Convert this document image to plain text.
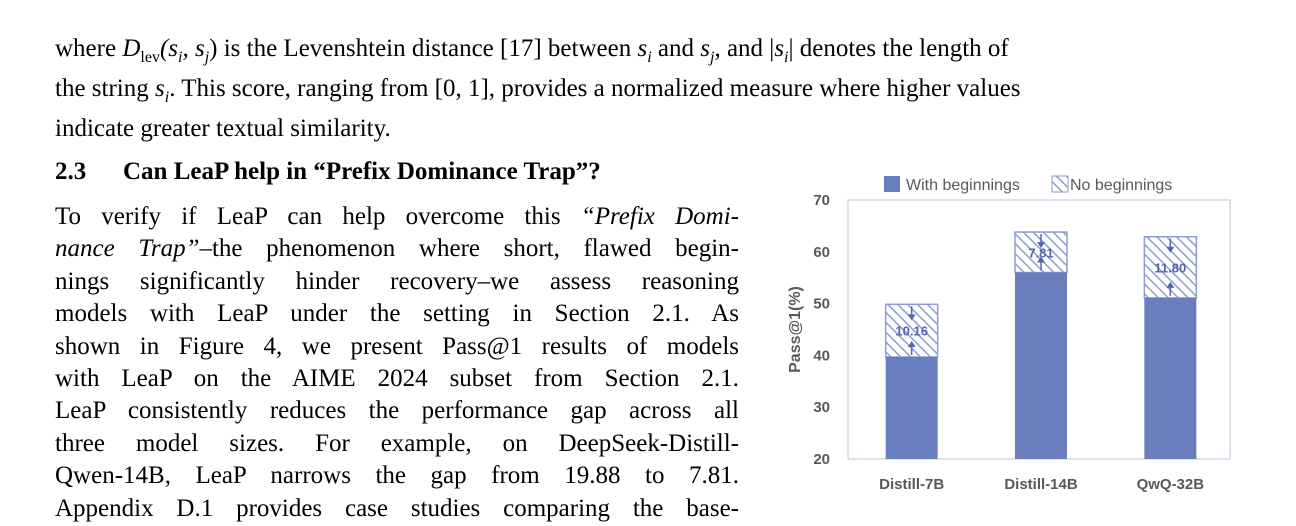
where $D_{lev}(s_i$, $s_j$) is the Levenshtein distance [17] between $s_i$ and $s_j$, and $|s_i|$ denotes the length of
the string $s_i$. This score, ranging from [0, 1], provides a normalized measure where higher values
indicate greater textual similarity.
2.3 Can LeaP help in “Prefix Dominance Trap”?
To verify if LeaP can help overcome this “Prefix Domi-
nance Trap”–the phenomenon where short, flawed begin-
nings significantly hinder recovery–we assess reasoning
models with LeaP under the setting in Section 2.1. As
shown in Figure 4, we present Pass@1 results of models
with LeaP on the AIME 2024 subset from Section 2.1.
LeaP consistently reduces the performance gap across all
three model sizes. For example, on DeepSeek-Distill-
Qwen-14B, LeaP narrows the gap from 19.88 to 7.81.
Appendix D.1 provides case studies comparing the base-
20
30
40
50
60
70
Pass@1(%)
With beginnings	No beginnings
10.16
Distill-7B
7.81
Distill-14B
11.80
QwQ-32B
